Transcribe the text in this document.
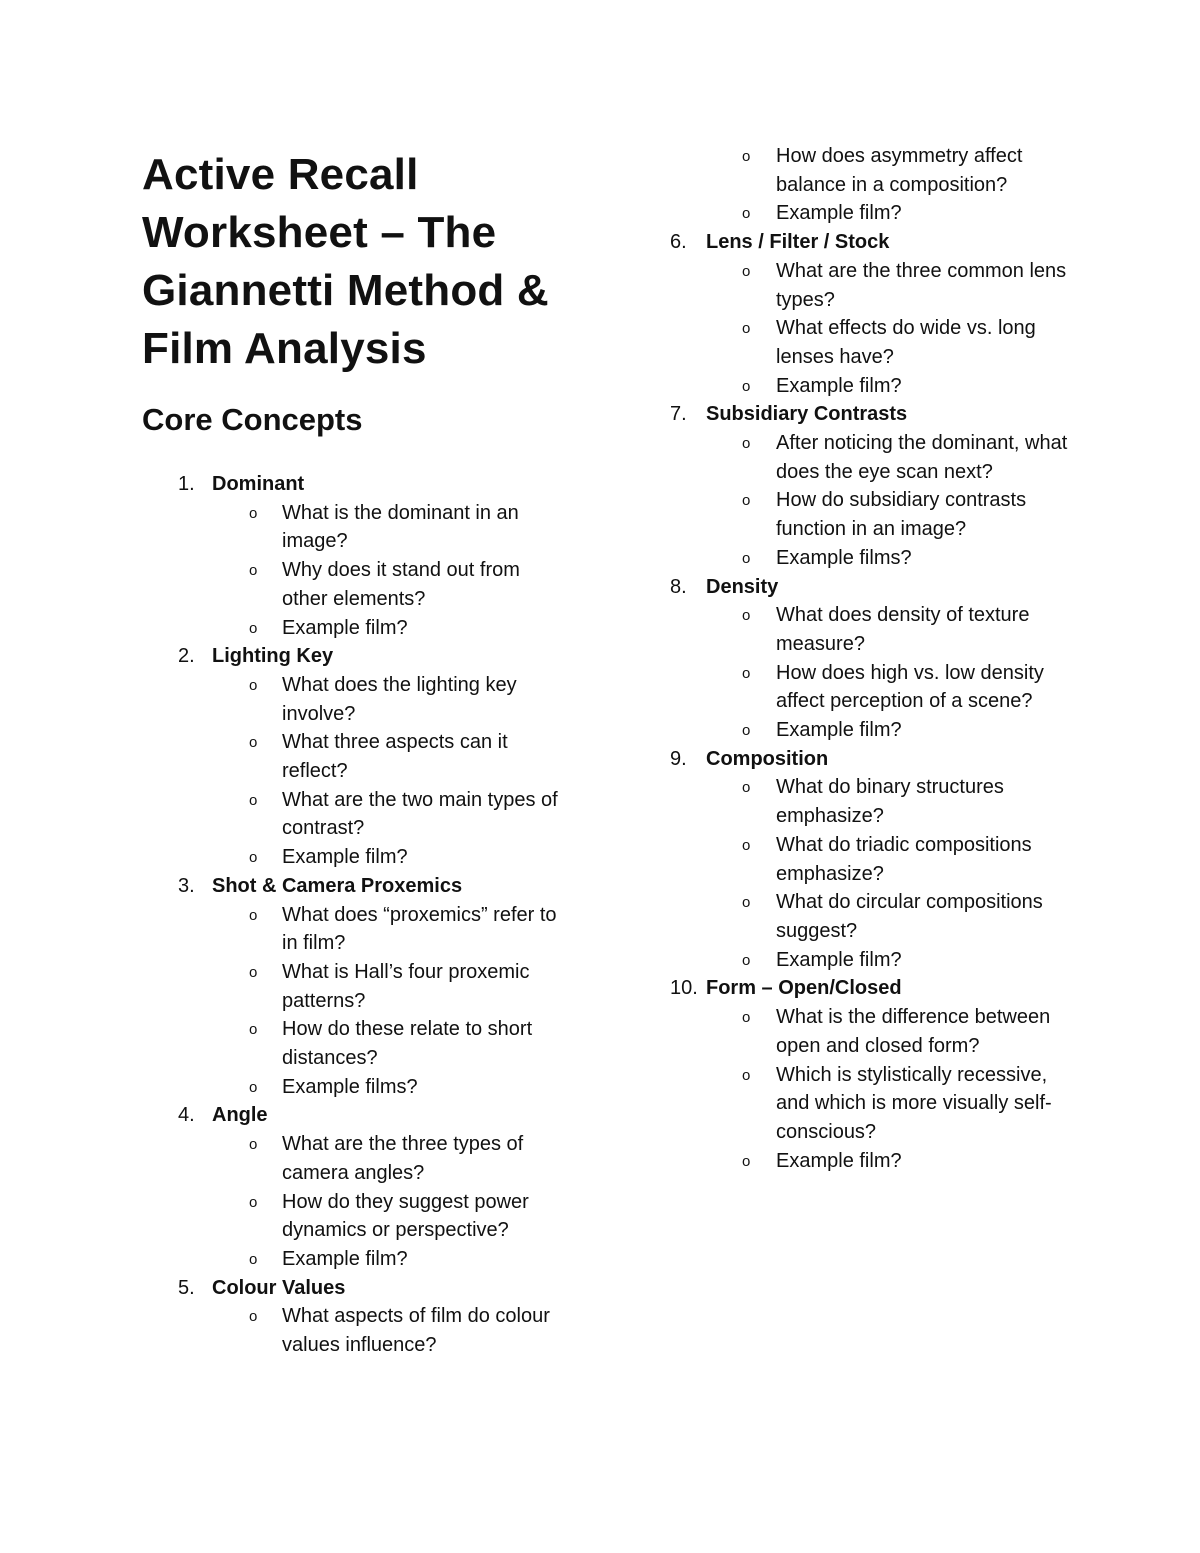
Active Recall Worksheet – The Giannetti Method & Film Analysis
Core Concepts
1. Dominant
o What is the dominant in an image?
o Why does it stand out from other elements?
o Example film?
2. Lighting Key
o What does the lighting key involve?
o What three aspects can it reflect?
o What are the two main types of contrast?
o Example film?
3. Shot & Camera Proxemics
o What does “proxemics” refer to in film?
o What is Hall’s four proxemic patterns?
o How do these relate to short distances?
o Example films?
4. Angle
o What are the three types of camera angles?
o How do they suggest power dynamics or perspective?
o Example film?
5. Colour Values
o What aspects of film do colour values influence?
o How does asymmetry affect balance in a composition?
o Example film?
6. Lens / Filter / Stock
o What are the three common lens types?
o What effects do wide vs. long lenses have?
o Example film?
7. Subsidiary Contrasts
o After noticing the dominant, what does the eye scan next?
o How do subsidiary contrasts function in an image?
o Example films?
8. Density
o What does density of texture measure?
o How does high vs. low density affect perception of a scene?
o Example film?
9. Composition
o What do binary structures emphasize?
o What do triadic compositions emphasize?
o What do circular compositions suggest?
o Example film?
10. Form – Open/Closed
o What is the difference between open and closed form?
o Which is stylistically recessive, and which is more visually self-conscious?
o Example film?
